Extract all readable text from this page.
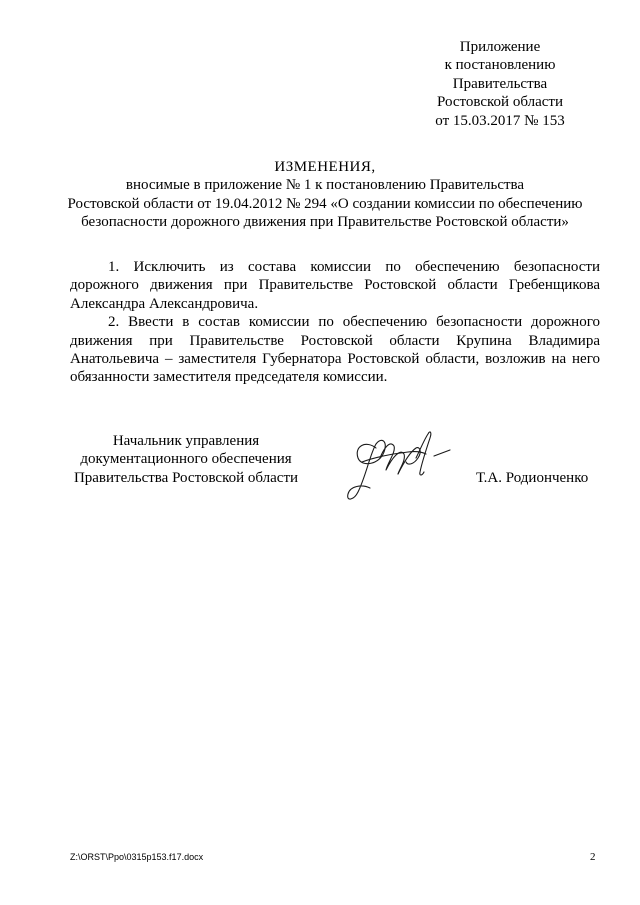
Приложение
к постановлению
Правительства
Ростовской области
от 15.03.2017 № 153
ИЗМЕНЕНИЯ,
вносимые в приложение № 1 к постановлению Правительства
Ростовской области от 19.04.2012 № 294 «О создании комиссии по обеспечению
безопасности дорожного движения при Правительстве Ростовской области»
1. Исключить из состава комиссии по обеспечению безопасности
дорожного движения при Правительстве Ростовской области Гребенщикова
Александра Александровича.
2. Ввести в состав комиссии по обеспечению безопасности дорожного
движения при Правительстве Ростовской области Крупина Владимира
Анатольевича – заместителя Губернатора Ростовской области, возложив на него
обязанности заместителя председателя комиссии.
Начальник управления
документационного обеспечения
Правительства Ростовской области	Т.А. Родионченко
Z:\ORST\Ppo\0315p153.f17.docx	2
